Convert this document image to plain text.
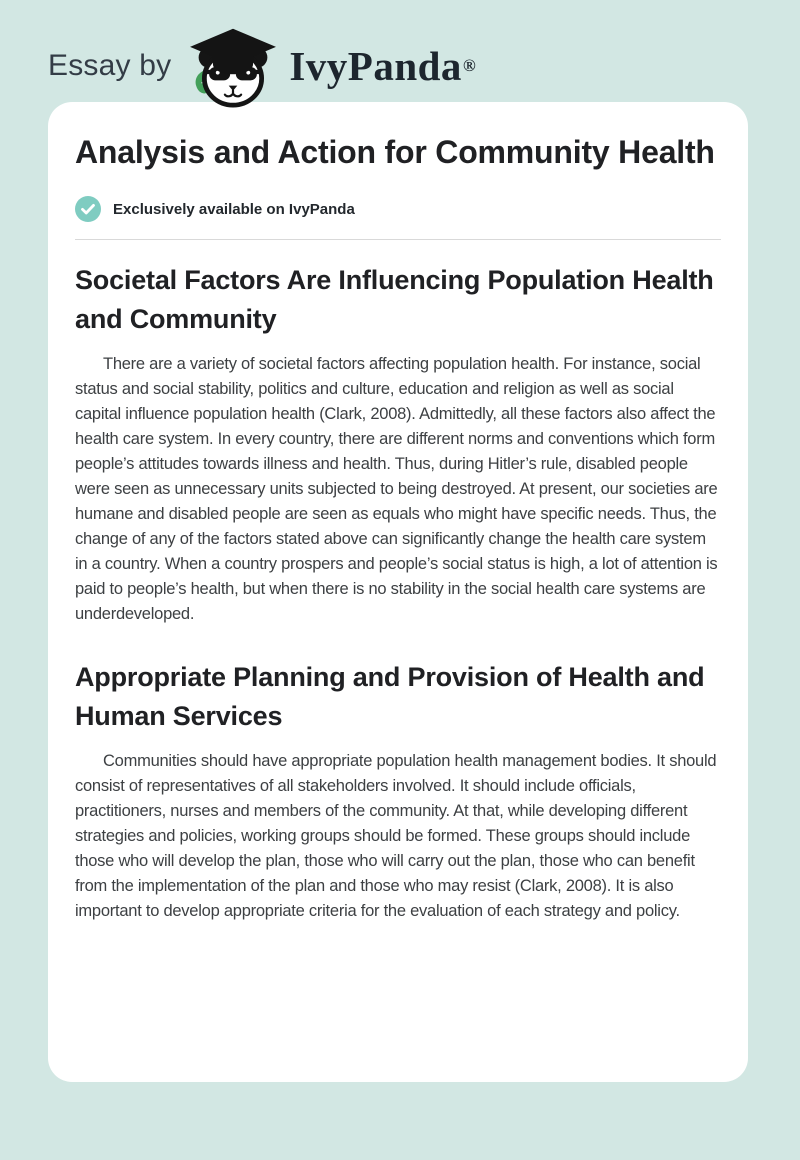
Essay by	IvyPanda ®
Analysis and Action for Community Health
Exclusively available on IvyPanda
Societal Factors Are Influencing Population Health and Community

There are a variety of societal factors affecting population health. For instance, social status and social stability, politics and culture, education and religion as well as social capital influence population health (Clark, 2008). Admittedly, all these factors also affect the health care system. In every country, there are different norms and conventions which form people’s attitudes towards illness and health. Thus, during Hitler’s rule, disabled people were seen as unnecessary units subjected to being destroyed. At present, our societies are humane and disabled people are seen as equals who might have specific needs. Thus, the change of any of the factors stated above can significantly change the health care system in a country. When a country prospers and people’s social status is high, a lot of attention is paid to people’s health, but when there is no stability in the social health care systems are underdeveloped.

Appropriate Planning and Provision of Health and Human Services

Communities should have appropriate population health management bodies. It should consist of representatives of all stakeholders involved. It should include officials, practitioners, nurses and members of the community. At that, while developing different strategies and policies, working groups should be formed. These groups should include those who will develop the plan, those who will carry out the plan, those who can benefit from the implementation of the plan and those who may resist (Clark, 2008). It is also important to develop appropriate criteria for the evaluation of each strategy and policy.
